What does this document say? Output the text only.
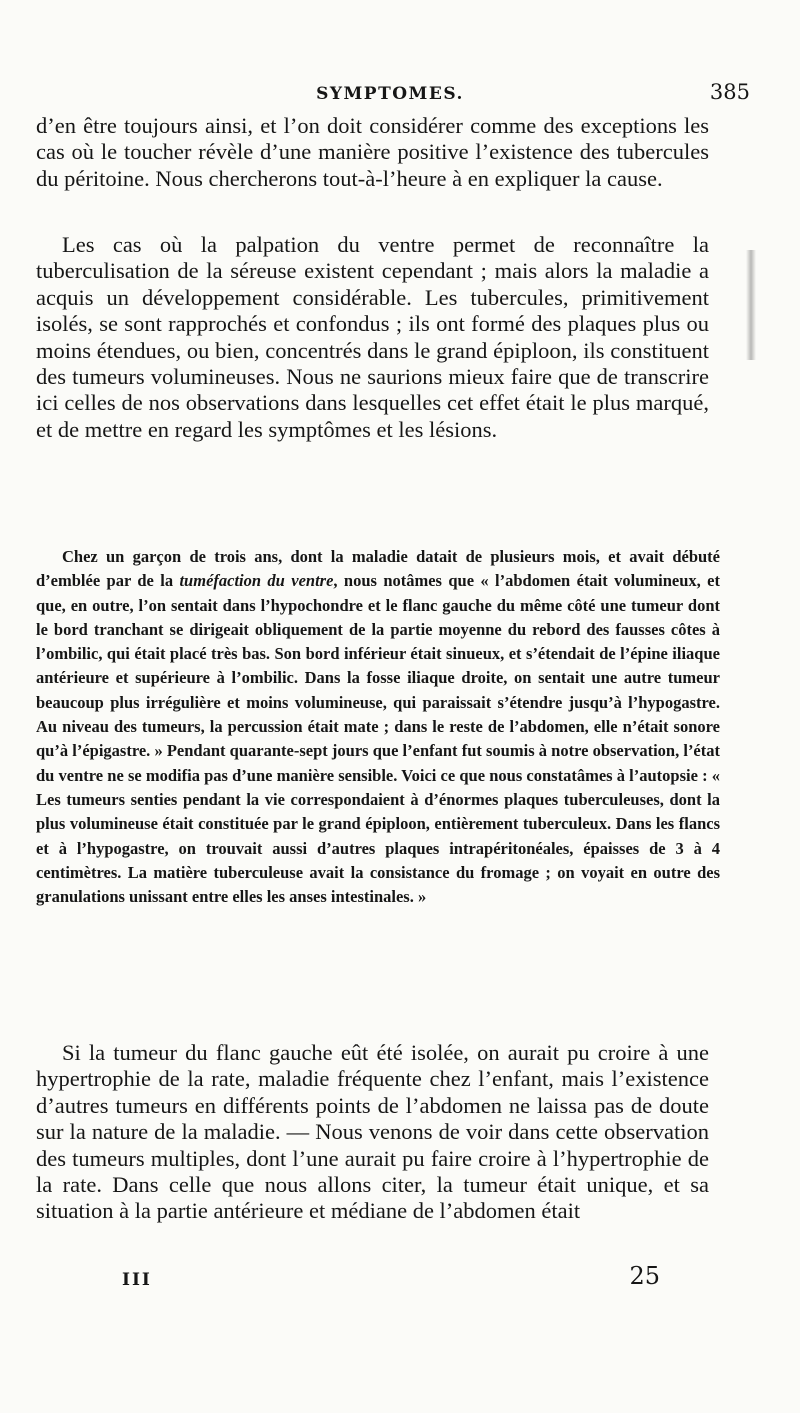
SYMPTOMES.	385

d’en être toujours ainsi, et l’on doit considérer comme des exceptions les cas où le toucher révèle d’une manière positive l’existence des tubercules du péritoine. Nous chercherons tout-à-l’heure à en expliquer la cause.

Les cas où la palpation du ventre permet de reconnaître la tuberculisation de la séreuse existent cependant ; mais alors la maladie a acquis un développement considérable. Les tubercules, primitivement isolés, se sont rapprochés et confondus ; ils ont formé des plaques plus ou moins étendues, ou bien, concentrés dans le grand épiploon, ils constituent des tumeurs volumineuses. Nous ne saurions mieux faire que de transcrire ici celles de nos observations dans lesquelles cet effet était le plus marqué, et de mettre en regard les symptômes et les lésions.

Chez un garçon de trois ans, dont la maladie datait de plusieurs mois, et avait débuté d’emblée par de la tuméfaction du ventre, nous notâmes que « l’abdomen était volumineux, et que, en outre, l’on sentait dans l’hypochondre et le flanc gauche du même côté une tumeur dont le bord tranchant se dirigeait obliquement de la partie moyenne du rebord des fausses côtes à l’ombilic, qui était placé très bas. Son bord inférieur était sinueux, et s’étendait de l’épine iliaque antérieure et supérieure à l’ombilic. Dans la fosse iliaque droite, on sentait une autre tumeur beaucoup plus irrégulière et moins volumineuse, qui paraissait s’étendre jusqu’à l’hypogastre. Au niveau des tumeurs, la percussion était mate ; dans le reste de l’abdomen, elle n’était sonore qu’à l’épigastre. » Pendant quarante-sept jours que l’enfant fut soumis à notre observation, l’état du ventre ne se modifia pas d’une manière sensible. Voici ce que nous constatâmes à l’autopsie : « Les tumeurs senties pendant la vie correspondaient à d’énormes plaques tuberculeuses, dont la plus volumineuse était constituée par le grand épiploon, entièrement tuberculeux. Dans les flancs et à l’hypogastre, on trouvait aussi d’autres plaques intrapéritonéales, épaisses de 3 à 4 centimètres. La matière tuberculeuse avait la consistance du fromage ; on voyait en outre des granulations unissant entre elles les anses intestinales. »

Si la tumeur du flanc gauche eût été isolée, on aurait pu croire à une hypertrophie de la rate, maladie fréquente chez l’enfant, mais l’existence d’autres tumeurs en différents points de l’abdomen ne laissa pas de doute sur la nature de la maladie. — Nous venons de voir dans cette observation des tumeurs multiples, dont l’une aurait pu faire croire à l’hypertrophie de la rate. Dans celle que nous allons citer, la tumeur était unique, et sa situation à la partie antérieure et médiane de l’abdomen était

III	25
